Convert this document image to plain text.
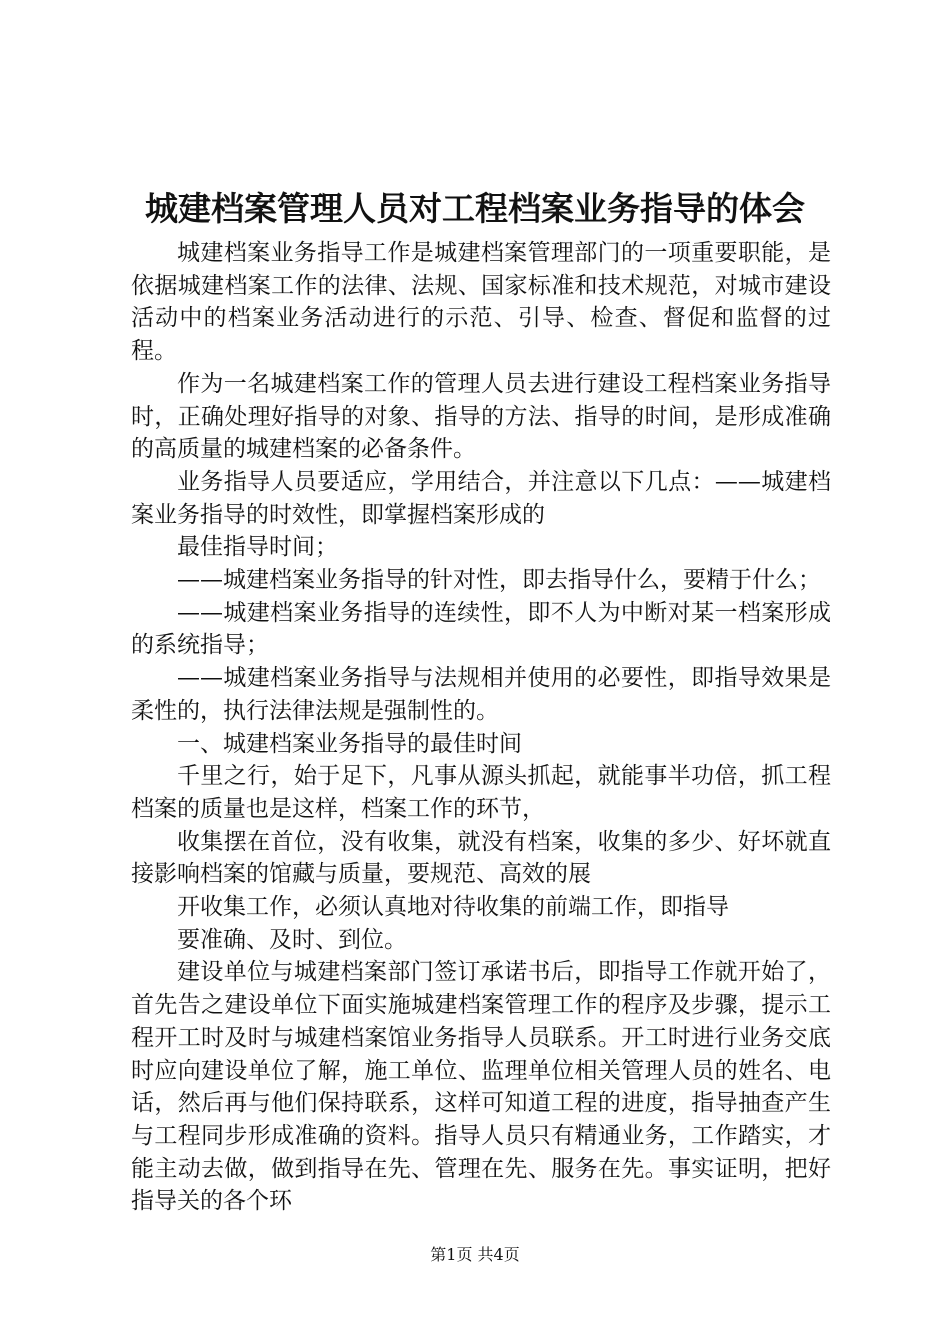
城建档案管理人员对工程档案业务指导的体会

城建档案业务指导工作是城建档案管理部门的一项重要职能，是依据城建档案工作的法律、法规、国家标准和技术规范，对城市建设活动中的档案业务活动进行的示范、引导、检查、督促和监督的过程。

作为一名城建档案工作的管理人员去进行建设工程档案业务指导时，正确处理好指导的对象、指导的方法、指导的时间，是形成准确的高质量的城建档案的必备条件。

业务指导人员要适应，学用结合，并注意以下几点：——城建档案业务指导的时效性，即掌握档案形成的

最佳指导时间；

——城建档案业务指导的针对性，即去指导什么，要精于什么；

——城建档案业务指导的连续性，即不人为中断对某一档案形成的系统指导；

——城建档案业务指导与法规相并使用的必要性，即指导效果是柔性的，执行法律法规是强制性的。

一、城建档案业务指导的最佳时间

千里之行，始于足下，凡事从源头抓起，就能事半功倍，抓工程档案的质量也是这样，档案工作的环节，

收集摆在首位，没有收集，就没有档案，收集的多少、好坏就直接影响档案的馆藏与质量，要规范、高效的展

开收集工作，必须认真地对待收集的前端工作，即指导

要准确、及时、到位。

建设单位与城建档案部门签订承诺书后，即指导工作就开始了，首先告之建设单位下面实施城建档案管理工作的程序及步骤，提示工程开工时及时与城建档案馆业务指导人员联系。开工时进行业务交底时应向建设单位了解，施工单位、监理单位相关管理人员的姓名、电话，然后再与他们保持联系，这样可知道工程的进度，指导抽查产生与工程同步形成准确的资料。指导人员只有精通业务，工作踏实，才能主动去做，做到指导在先、管理在先、服务在先。事实证明，把好指导关的各个环

第1页 共4页
